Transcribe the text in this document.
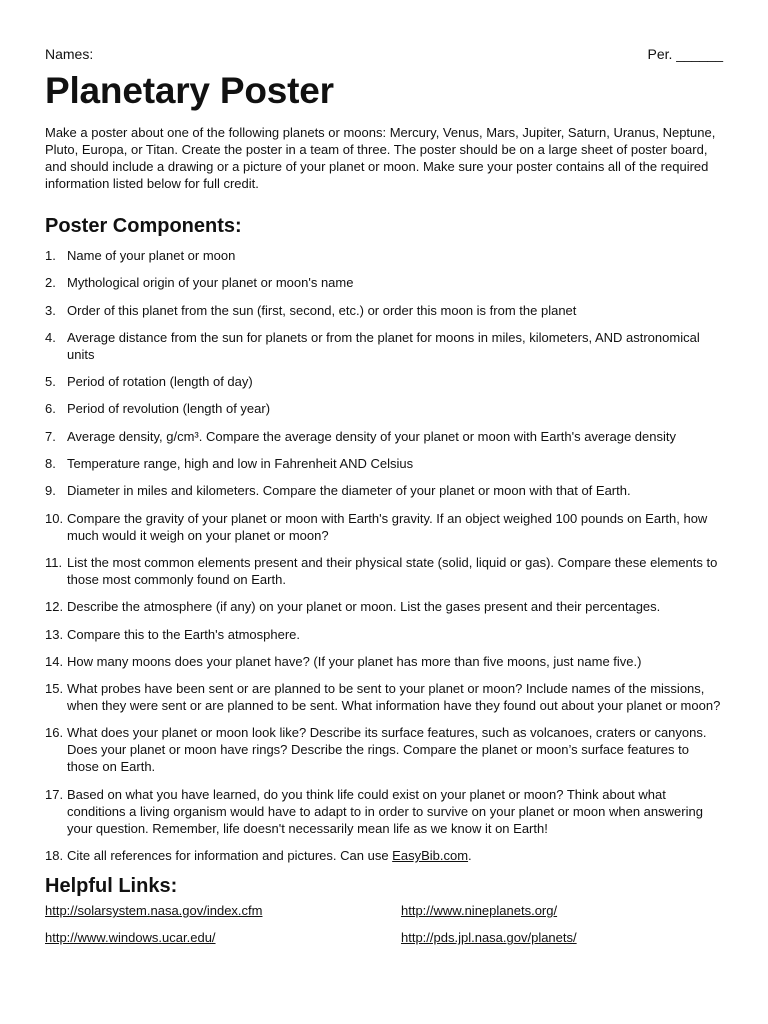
Names:	Per. ______
Planetary Poster
Make a poster about one of the following planets or moons: Mercury, Venus, Mars, Jupiter, Saturn, Uranus, Neptune, Pluto, Europa, or Titan. Create the poster in a team of three. The poster should be on a large sheet of poster board, and should include a drawing or a picture of your planet or moon. Make sure your poster contains all of the required information listed below for full credit.
Poster Components:
1. Name of your planet or moon
2. Mythological origin of your planet or moon's name
3. Order of this planet from the sun (first, second, etc.) or order this moon is from the planet
4. Average distance from the sun for planets or from the planet for moons in miles, kilometers, AND astronomical units
5. Period of rotation (length of day)
6. Period of revolution (length of year)
7. Average density, g/cm³. Compare the average density of your planet or moon with Earth's average density
8. Temperature range, high and low in Fahrenheit AND Celsius
9. Diameter in miles and kilometers. Compare the diameter of your planet or moon with that of Earth.
10. Compare the gravity of your planet or moon with Earth's gravity. If an object weighed 100 pounds on Earth, how much would it weigh on your planet or moon?
11. List the most common elements present and their physical state (solid, liquid or gas). Compare these elements to those most commonly found on Earth.
12. Describe the atmosphere (if any) on your planet or moon. List the gases present and their percentages.
13. Compare this to the Earth's atmosphere.
14. How many moons does your planet have? (If your planet has more than five moons, just name five.)
15. What probes have been sent or are planned to be sent to your planet or moon? Include names of the missions, when they were sent or are planned to be sent. What information have they found out about your planet or moon?
16. What does your planet or moon look like? Describe its surface features, such as volcanoes, craters or canyons. Does your planet or moon have rings? Describe the rings. Compare the planet or moon’s surface features to those on Earth.
17. Based on what you have learned, do you think life could exist on your planet or moon? Think about what conditions a living organism would have to adapt to in order to survive on your planet or moon when answering your question. Remember, life doesn't necessarily mean life as we know it on Earth!
18. Cite all references for information and pictures. Can use EasyBib.com.
Helpful Links:
http://solarsystem.nasa.gov/index.cfm	http://www.nineplanets.org/
http://www.windows.ucar.edu/	http://pds.jpl.nasa.gov/planets/
